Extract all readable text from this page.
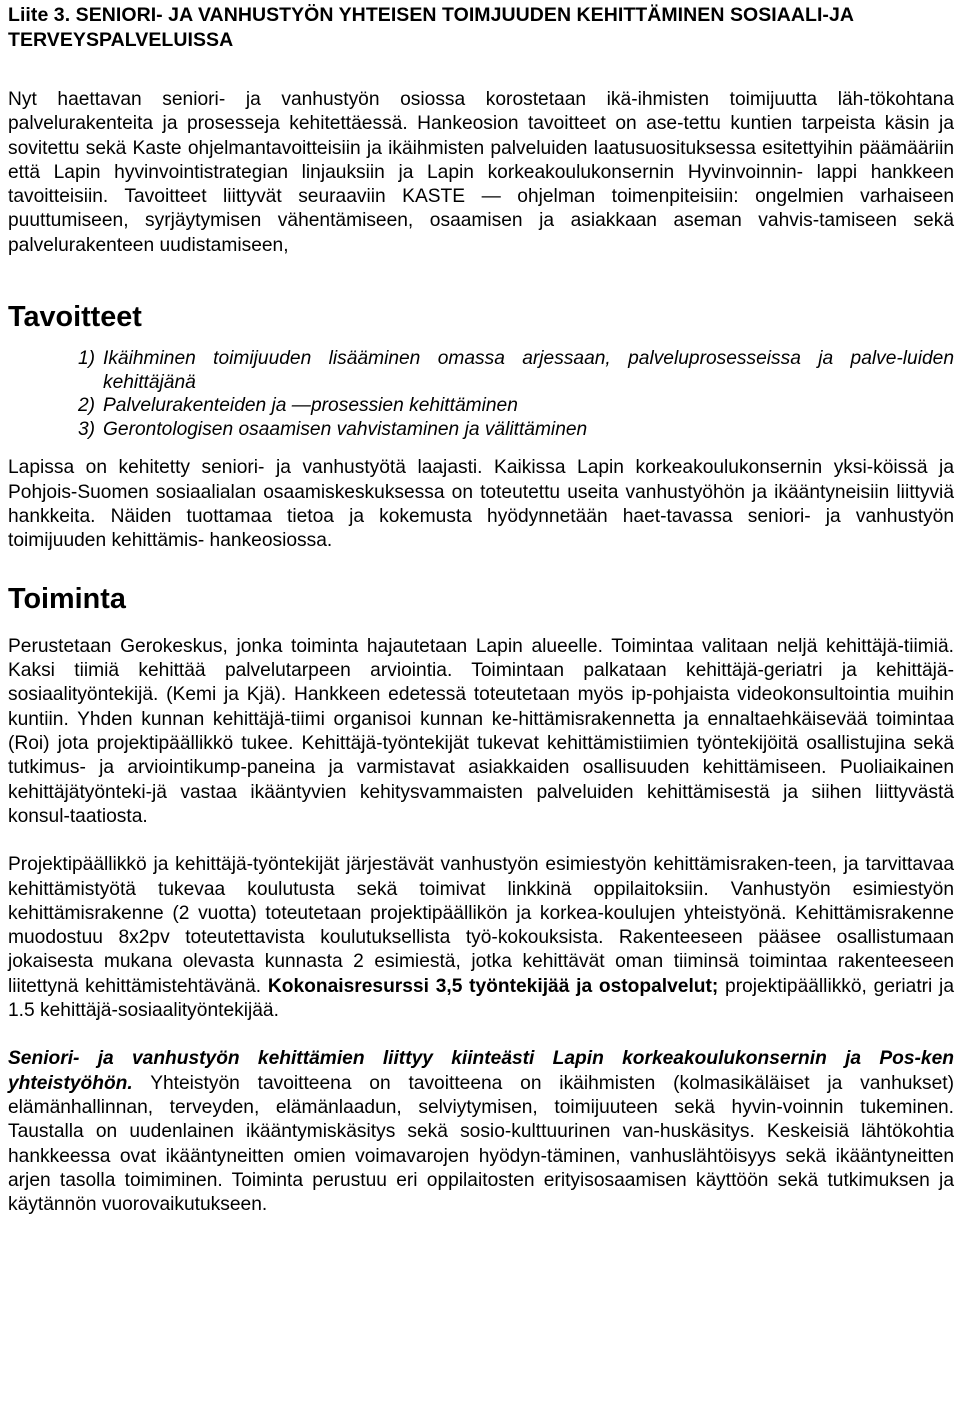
Liite 3. SENIORI- JA VANHUSTYÖN YHTEISEN TOIMJUUDEN KEHITTÄMINEN SOSIAALI-JA TERVEYSPALVELUISSA

Nyt haettavan seniori- ja vanhustyön osiossa korostetaan ikä-ihmisten toimijuutta läh-tökohtana palvelurakenteita ja prosesseja kehitettäessä. Hankeosion tavoitteet on ase-tettu kuntien tarpeista käsin ja sovitettu sekä Kaste ohjelmantavoitteisiin ja ikäihmisten palveluiden laatusuosituksessa esitettyihin päämääriin että Lapin hyvinvointistrategian linjauksiin ja Lapin korkeakoulukonsernin Hyvinvoinnin- lappi hankkeen tavoitteisiin. Tavoitteet liittyvät seuraaviin KASTE — ohjelman toimenpiteisiin: ongelmien varhaiseen puuttumiseen, syrjäytymisen vähentämiseen, osaamisen ja asiakkaan aseman vahvis-tamiseen sekä palvelurakenteen uudistamiseen,

Tavoitteet
1) Ikäihminen toimijuuden lisääminen omassa arjessaan, palveluprosesseissa ja palve-luiden kehittäjänä
2) Palvelurakenteiden ja —prosessien kehittäminen
3) Gerontologisen osaamisen vahvistaminen ja välittäminen

Lapissa on kehitetty seniori- ja vanhustyötä laajasti. Kaikissa Lapin korkeakoulukonsernin yksi-köissä ja Pohjois-Suomen sosiaalialan osaamiskeskuksessa on toteutettu useita vanhustyöhön ja ikääntyneisiin liittyviä hankkeita. Näiden tuottamaa tietoa ja kokemusta hyödynnetään haet-tavassa seniori- ja vanhustyön toimijuuden kehittämis- hankeosiossa.

Toiminta

Perustetaan Gerokeskus, jonka toiminta hajautetaan Lapin alueelle. Toimintaa valitaan neljä kehittäjä-tiimiä. Kaksi tiimiä kehittää palvelutarpeen arviointia. Toimintaan palkataan kehittäjä-geriatri ja kehittäjä-sosiaalityöntekijä. (Kemi ja Kjä). Hankkeen edetessä toteutetaan myös ip-pohjaista videokonsultointia muihin kuntiin. Yhden kunnan kehittäjä-tiimi organisoi kunnan ke-hittämisrakennetta ja ennaltaehkäisevää toimintaa (Roi) jota projektipäällikkö tukee. Kehittäjä-työntekijät tukevat kehittämistiimien työntekijöitä osallistujina sekä tutkimus- ja arviointikump-paneina ja varmistavat asiakkaiden osallisuuden kehittämiseen. Puoliaikainen kehittäjätyönteki-jä vastaa ikääntyvien kehitysvammaisten palveluiden kehittämisestä ja siihen liittyvästä konsul-taatiosta.

Projektipäällikkö ja kehittäjä-työntekijät järjestävät vanhustyön esimiestyön kehittämisraken-teen, ja tarvittavaa kehittämistyötä tukevaa koulutusta sekä toimivat linkkinä oppilaitoksiin. Vanhustyön esimiestyön kehittämisrakenne (2 vuotta) toteutetaan projektipäällikön ja korkea-koulujen yhteistyönä. Kehittämisrakenne muodostuu 8x2pv toteutettavista koulutuksellista työ-kokouksista. Rakenteeseen pääsee osallistumaan jokaisesta mukana olevasta kunnasta 2 esimiestä, jotka kehittävät oman tiiminsä toimintaa rakenteeseen liitettynä kehittämistehtävänä. Kokonaisresurssi 3,5 työntekijää ja ostopalvelut; projektipäällikkö, geriatri ja 1.5 kehittäjä-sosiaalityöntekijää.

Seniori- ja vanhustyön kehittämien liittyy kiinteästi Lapin korkeakoulukonsernin ja Pos-ken yhteistyöhön. Yhteistyön tavoitteena on tavoitteena on ikäihmisten (kolmasikäläiset ja vanhukset) elämänhallinnan, terveyden, elämänlaadun, selviytymisen, toimijuuteen sekä hyvin-voinnin tukeminen. Taustalla on uudenlainen ikääntymiskäsitys sekä sosio-kulttuurinen van-huskäsitys. Keskeisiä lähtökohtia hankkeessa ovat ikääntyneitten omien voimavarojen hyödyn-täminen, vanhuslähtöisyys sekä ikääntyneitten arjen tasolla toimiminen. Toiminta perustuu eri oppilaitosten erityisosaamisen käyttöön sekä tutkimuksen ja käytännön vuorovaikutukseen.
